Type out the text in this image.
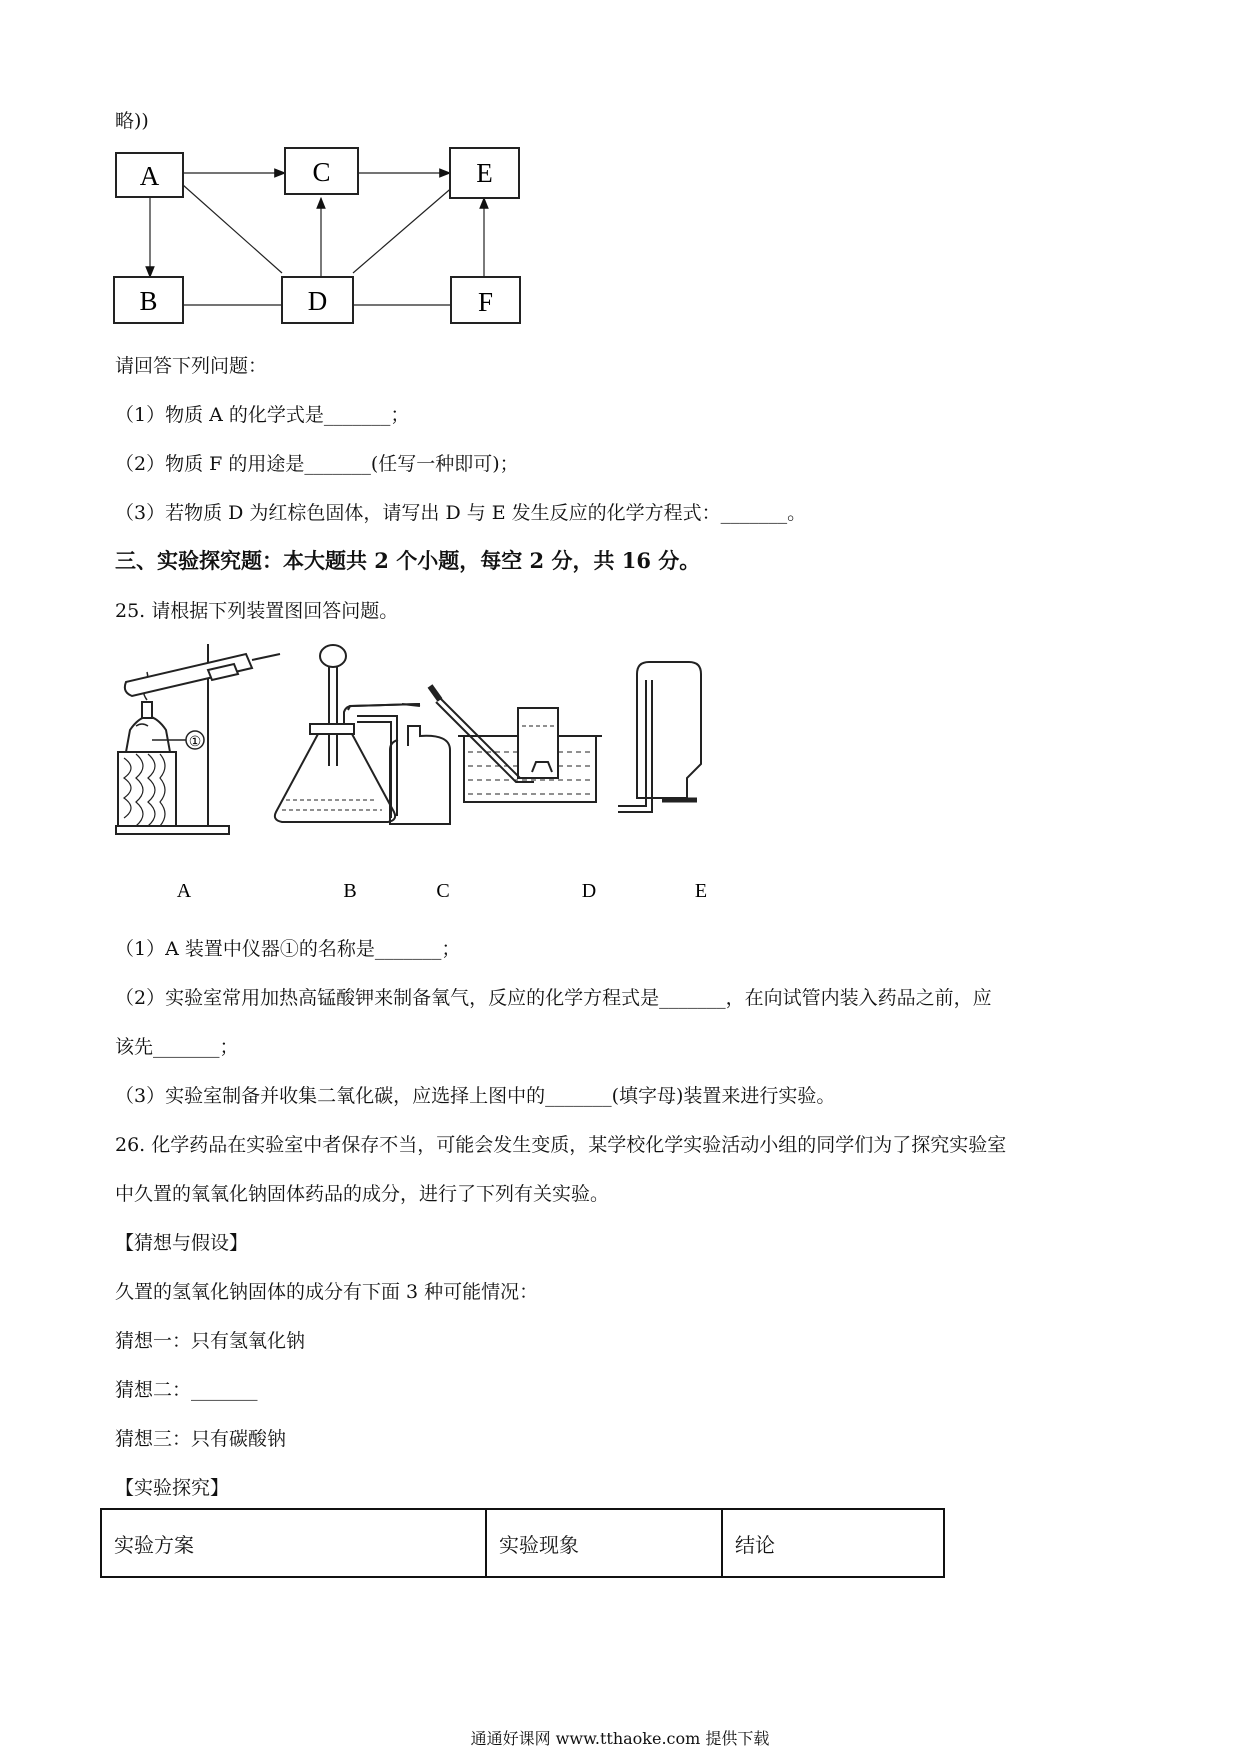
略))
A	C	E
B	D	F
请回答下列问题：
（1）物质 A 的化学式是_______；
（2）物质 F 的用途是_______(任写一种即可)；
（3）若物质 D 为红棕色固体，请写出 D 与 E 发生反应的化学方程式：_______。
三、实验探究题：本大题共 2 个小题，每空 2 分，共 16 分。
25. 请根据下列装置图回答问题。
①
A	B	C	D	E
（1）A 装置中仪器①的名称是_______；
（2）实验室常用加热高锰酸钾来制备氧气，反应的化学方程式是_______，在向试管内装入药品之前，应
该先_______；
（3）实验室制备并收集二氧化碳，应选择上图中的_______(填字母)装置来进行实验。
26. 化学药品在实验室中者保存不当，可能会发生变质，某学校化学实验活动小组的同学们为了探究实验室
中久置的氧氧化钠固体药品的成分，进行了下列有关实验。
【猜想与假设】
久置的氢氧化钠固体的成分有下面 3 种可能情况：
猜想一：只有氢氧化钠
猜想二：_______
猜想三：只有碳酸钠
【实验探究】
实验方案	实验现象	结论
通通好课网 www.tthaoke.com 提供下载
